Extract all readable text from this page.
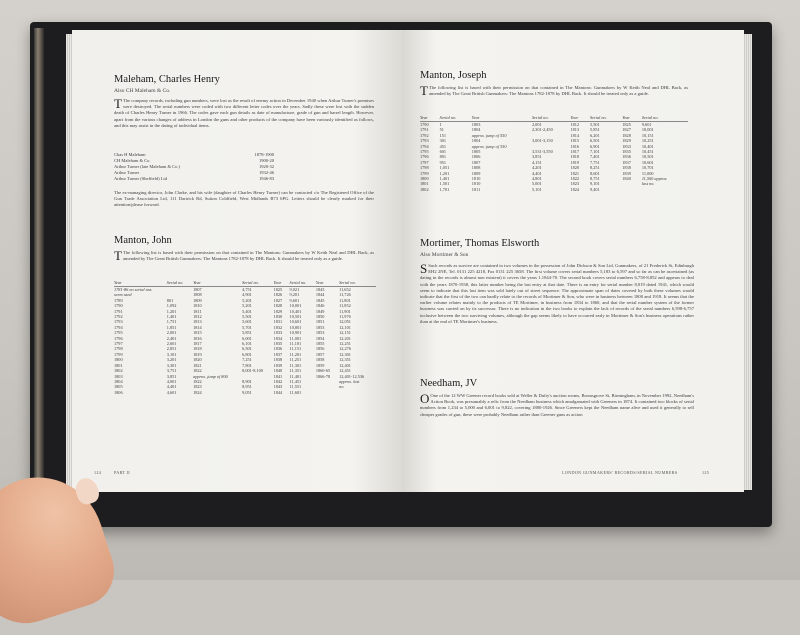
Maleham, Charles Henry
Also CH Maleham & Co.
T The company records, including gun numbers, were lost as the result of enemy action in December 1940 when Arthur Turner's premises were destroyed. The serial numbers were coded with two different letter codes over the years. Sadly these were lost with the sudden death of Charles Henry Turner in 1966. The codes gave each gun details as date of manufacture, grade of gun and barrel length. However, apart from the various changes of address in London the guns and other products of the company have been variously identified as follows, and this may assist in the dating of individual items.
Chas H Maleham	1878-1900
CH Maleham & Co.	1900-20
Arthur Turner (late Maleham & Co.)	1920-32
Arthur Turner	1932-46
Arthur Turner (Sheffield) Ltd	1946-83
The ex-managing director, John Clarke, and his wife (daughter of Charles Henry Turner) can be contacted c/o The Registered Office of the Gun Trade Association Ltd, 111 Dartrick Rd, Sutton Coldfield, West Midlands B73 6PG. Letters should be clearly marked for their attention/please forward.
Manton, John
T The following list is based with their permission on that contained in The Mantons: Gunmakers by W Keith Neal and DHL Back, as amended by The Great British Gunmakers: The Mantons 1782-1878 by DHL Back. It should be treated only as a guide.
Year	Serial no.	Year	Serial no.	Year	Serial no.	Year	Serial no.
1781-86 no serial nos		1807	4,751	1825	9,021	1843	11,652
seem used		1808	4,901	1826	9,201	1844	11,726
1789	801	1809	5,201	1827	9,601	1845	11,801
1790	1,092	1810	5,201	1828	10,001	1846	11,852
1791	1,201	1811	5,401	1829	10,401	1849	11,901
1792	1,401	1812	5,501	1830	10,501	1850	11,976
1793	1,751	1813	5,601	1831	10,601	1851	12,051
1794	1,851	1814	5,701	1832	10,801	1853	12,101
1795	2,001	1815	5,851	1833	10,901	1853	12,151
1796	2,401	1816	6,001	1834	11,001	1854	12,201
1797	2,601	1817	6,101	1835	11,101	1855	12,251
1798	2,851	1818	6,501	1836	11,151	1856	12,276
1799	3,101	1819	6,801	1837	11,201	1857	12,301
1800	3,201	1820	7,251	1838	11,251	1858	12,351
1801	3,301	1821	7,801	1839	11,301	1859	12,401
1802	3,751	1822	8,001-8,100	1840	11,351	1860-65	12,451
1803	3,851	approx. jump of 800		1841	11,401	1866-78	12,401-12,536
1804	4,001	1822	8,901	1842	11,451		approx. last
1805	4,401	1823	8,951	1843	11,551		no.
1806	4,601	1824	9,051	1844	11,601		
124	PART II
Manton, Joseph
T The following list is based with their permission on that contained in The Mantons: Gunmakers by W Keith Neal and DHL Back, as amended by The Great British Gunmakers: The Mantons 1782-1878 by DHL Back. It should be treated only as a guide.
Year	Serial no.	Year	Serial no.	Year	Serial no.	Year	Serial no.
1790	1	1803	2,001	1812	5,501	1825	9,601
1791	51	1804	2,301-2,450	1813	5,851	1827	10,001
1792	151	approx. jump of 550		1814	6,201	1828	10,151
1793	301	1804	3,001-3,150	1815	6,501	1829	10,251
1794	451	approx. jump of 350		1816	6,901	1833	10,401
1795	601	1805	3,531-3,550	1817	7,101	1835	10,451
1796	801	1806	3,851	1818	7,401	1836	10,501
1797	951	1807	4,151	1819	7,751	1837	10,601
1798	1,051	1808	4,201	1820	8,251	1838	10,701
1799	1,201	1809	4,401	1821	8,601	1839	11,000
1800	1,401	1810	4,801	1822	8,751	1840	11,500 approx.
1801	1,501	1810	5,001	1823	9,101		last no.
1802	1,701	1811	5,101	1824	9,401		
Mortimer, Thomas Elsworth
Also Mortimer & Son
S Such records as survive are contained in two volumes in the possession of John Dickson & Son Ltd, Gunmakers, of 21 Frederick St, Edinburgh EH2 2NE, Tel. 0131 225 4218, Fax 0131 225 3658. The first volume covers serial numbers 5,183 to 6,597 and so far as can be ascertained (as dating in the records is almost non existent) it covers the years 1.1844-70. The second book covers serial numbers 6,758-8,852 and appears to deal with the years 1870-1938, this latter number being the last entry at that date. There is an entry for serial number 8,019 dated 1941, which would seem to indicate that this last item was sold lately out of street sequence. The approximate span of dates covered by both these volumes would indicate that the first of the two can hardly relate to the records of Mortimer & Son, who were in business between 1800 and 1918. It seems that the earlier volume relates mainly to the products of TE Mortimer, in business from 1834 to 1860, and that the serial number system of the former business was carried on by its successor. There is no indication in the two books to explain the lack of records of the serial numbers 6,598-6,757 inclusive between the two surviving volumes, although the gap seems likely to have occurred early in Mortimer & Son's business operations rather than at the end of TE Mortimer's business.
Needham, JV
O One of the 12 WW Greener record books sold at Weller & Dufty's auction rooms, Bromsgrove St, Birmingham, in November 1992, Needham's Action Book, was presumably a relic from the Needham business which amalgamated with Greeners in 1874. It contained two blocks of serial numbers from 1,234 to 5,000 and 6,001 to 9,822, covering 1880-1926. Since Greeners kept the Needham name alive and used it generally to sell cheaper grades of gun, these were probably Needham rather than Greener guns as action
LONDON GUNMAKERS' RECORDS/SERIAL NUMBERS	125
